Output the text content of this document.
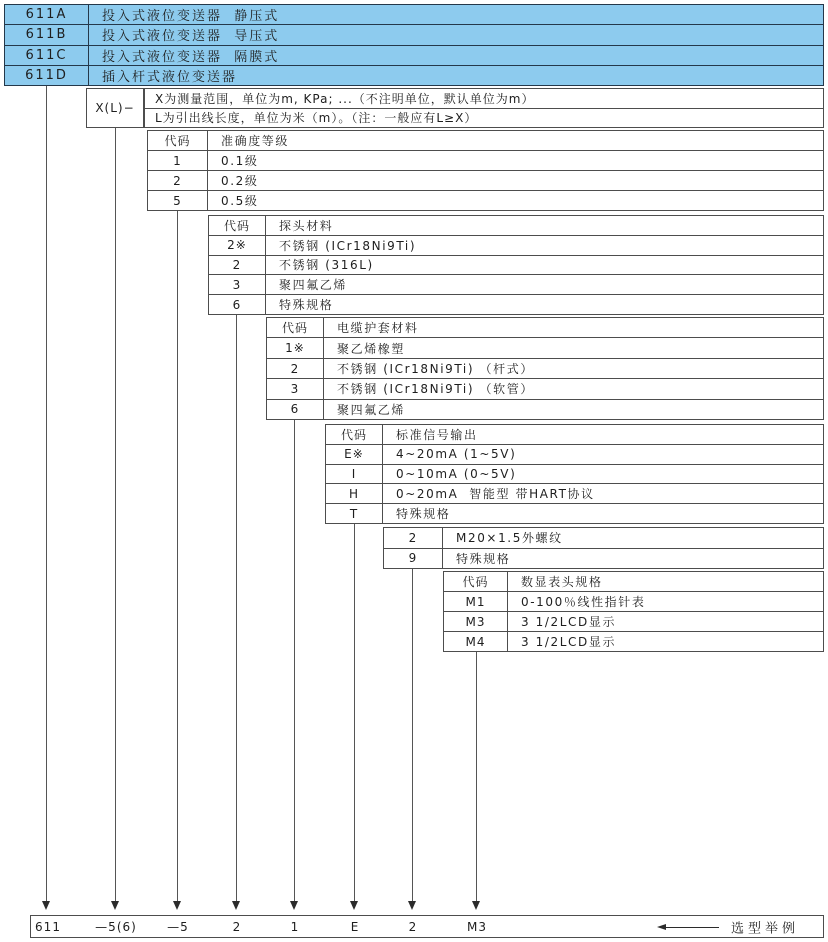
611A	投入式液位变送器  静压式
611B	投入式液位变送器  导压式
611C	投入式液位变送器  隔膜式
611D	插入杆式液位变送器
X(L)−
X为测量范围，单位为m, KPa; ...（不注明单位，默认单位为m）
L为引出线长度，单位为米（m）。（注：一般应有L≥X）
代码	准确度等级
1	0.1级
2	0.2级
5	0.5级
代码	探头材料
2※	不锈钢 (ICr18Ni9Ti)
2	不锈钢 (316L)
3	聚四氟乙烯
6	特殊规格
代码	电缆护套材料
1※	聚乙烯橡塑
2	不锈钢 (ICr18Ni9Ti) （杆式）
3	不锈钢 (ICr18Ni9Ti) （软管）
6	聚四氟乙烯
代码	标准信号输出
E※	4~20mA (1~5V)
I	0~10mA (0~5V)
H	0~20mA  智能型 带HART协议
T	特殊规格
2	M20×1.5外螺纹
9	特殊规格
代码	数显表头规格
M1	0-100％线性指针表
M3	3 1/2LCD显示
M4	3 1/2LCD显示
611	—5(6)	—5	2	1	E	2	M3	选型举例
